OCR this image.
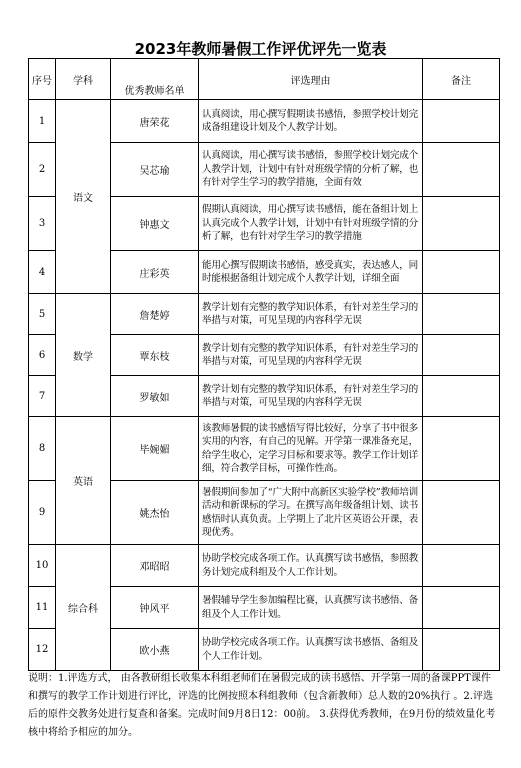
2023年教师暑假工作评优评先一览表
序号	学科	优秀教师名单	评选理由	备注
1	语文	唐荣花	认真阅读，用心撰写假期读书感悟，参照学校计划完成备组建设计划及个人教学计划。	
2		吴芯瑜	认真阅读，用心撰写读书感悟，参照学校计划完成个人教学计划，计划中有针对班级学情的分析了解，也有针对学生学习的教学措施，全面有效	
3		钟惠文	假期认真阅读，用心撰写读书感悟，能在备组计划上认真完成个人教学计划，计划中有针对班级学情的分析了解，也有针对学生学习的教学措施	
4		庄彩英	能用心撰写假期读书感悟，感受真实，表达感人，同时能根据备组计划完成个人教学计划，详细全面	
5	数学	詹楚婷	教学计划有完整的教学知识体系，有针对差生学习的举措与对策，可见呈现的内容科学无误	
6		覃东枝	教学计划有完整的教学知识体系，有针对差生学习的举措与对策，可见呈现的内容科学无误	
7		罗敏如	教学计划有完整的教学知识体系，有针对差生学习的举措与对策，可见呈现的内容科学无误	
8	英语	毕婉媚	该教师暑假的读书感悟写得比较好，分享了书中很多实用的内容，有自己的见解。开学第一课准备充足，给学生收心，定学习目标和要求等。教学工作计划详细，符合教学目标，可操作性高。	
9		姚杰怡	暑假期间参加了“广大附中高新区实验学校”教师培训活动和新课标的学习。在撰写高年级备组计划、读书感悟时认真负责。上学期上了北片区英语公开课，表现优秀。	
10	综合科	邓昭昭	协助学校完成各项工作。认真撰写读书感悟，参照教务计划完成科组及个人工作计划。	
11		钟风平	暑假辅导学生参加编程比赛，认真撰写读书感悟、备组及个人工作计划。	
12		欧小燕	协助学校完成各项工作。认真撰写读书感悟、备组及个人工作计划。	
说明：1.评选方式， 由各教研组长收集本科组老师们在暑假完成的读书感悟、开学第一周的备课PPT课件和撰写的教学工作计划进行评比，评选的比例按照本科组教师（包含新教师）总人数的20%执行 。2.评选后的原件交教务处进行复查和备案。完成时间9月8日12：00前。 3.获得优秀教师，在9月份的绩效量化考核中将给予相应的加分。
